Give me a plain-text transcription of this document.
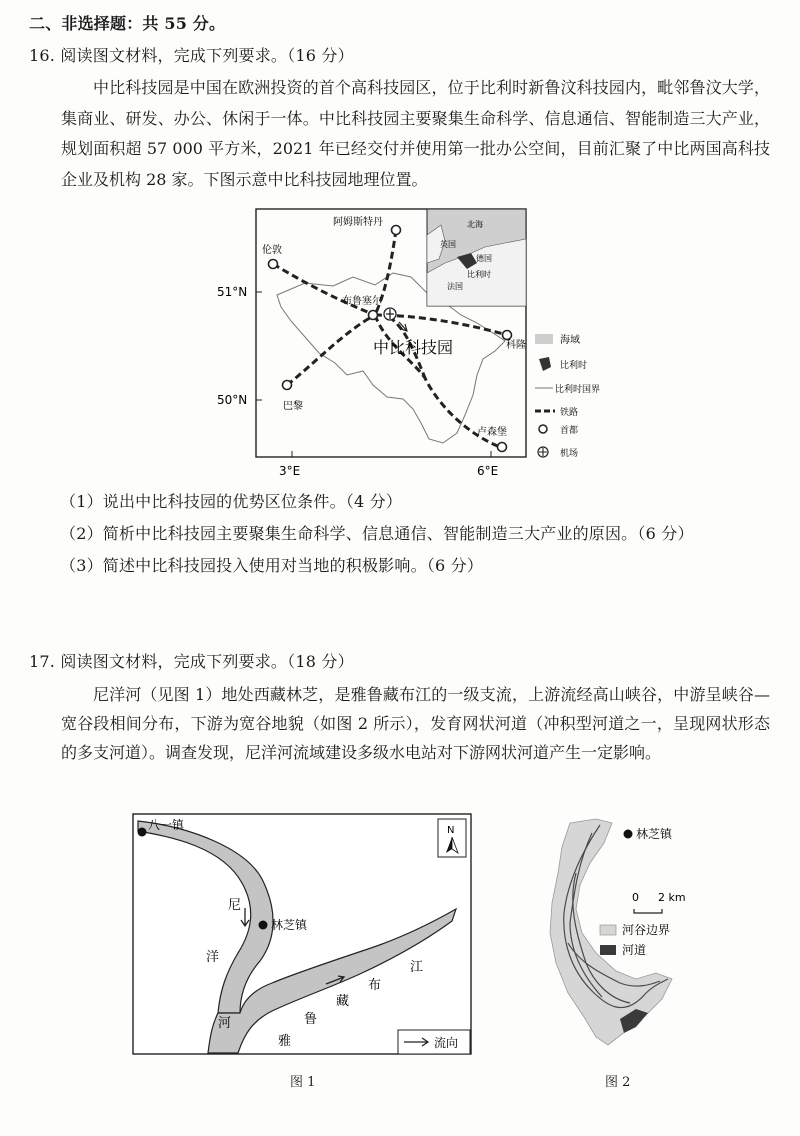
二、非选择题：共 55 分。
16. 阅读图文材料，完成下列要求。（16 分）
中比科技园是中国在欧洲投资的首个高科技园区，位于比利时新鲁汶科技园内，毗邻鲁汶大学，集商业、研发、办公、休闲于一体。中比科技园主要聚集生命科学、信息通信、智能制造三大产业，规划面积超 57 000 平方米，2021 年已经交付并使用第一批办公空间，目前汇聚了中比两国高科技企业及机构 28 家。下图示意中比科技园地理位置。
阿姆斯特丹
伦敦
布鲁塞尔
科隆
巴黎
卢森堡
中比科技园
51°N
50°N
3°E	6°E
北海
英国
德国
比利时
法国
海域
比利时
比利时国界
铁路
首都
机场
（1）说出中比科技园的优势区位条件。（4 分）
（2）简析中比科技园主要聚集生命科学、信息通信、智能制造三大产业的原因。（6 分）
（3）简述中比科技园投入使用对当地的积极影响。（6 分）
17. 阅读图文材料，完成下列要求。（18 分）
尼洋河（见图 1）地处西藏林芝，是雅鲁藏布江的一级支流，上游流经高山峡谷，中游呈峡谷—宽谷段相间分布，下游为宽谷地貌（如图 2 所示），发育网状河道（冲积型河道之一，呈现网状形态的多支河道）。调查发现，尼洋河流域建设多级水电站对下游网状河道产生一定影响。
八一镇
林芝镇
尼
洋
河
雅
鲁
藏
布
江
N
流向
图 1
林芝镇
0 2 km
河谷边界
河道
图 2
